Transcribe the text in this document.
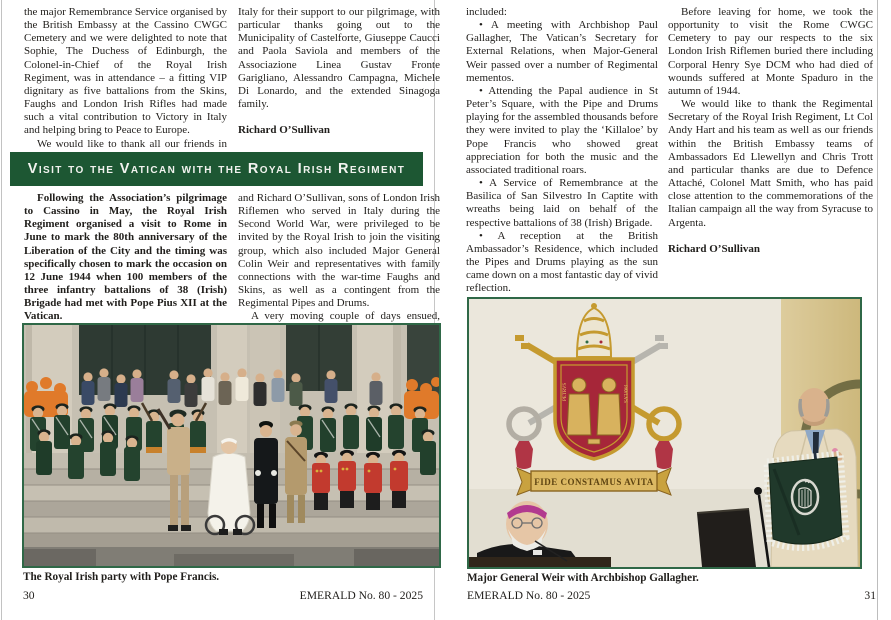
the major Remembrance Service organised by the British Embassy at the Cassino CWGC Cemetery and we were delighted to note that Sophie, The Duchess of Edinburgh, the Colonel-in-Chief of the Royal Irish Regiment, was in attendance – a fitting VIP dignitary as five battalions from the Skins, Faughs and London Irish Rifles had made such a vital contribution to Victory in Italy and helping bring to Peace to Europe.

We would like to thank all our friends in

Italy for their support to our pilgrimage, with particular thanks going out to the Municipality of Castelforte, Giuseppe Caucci and Paola Saviola and members of the Associazione Linea Gustav Fronte Garigliano, Alessandro Campagna, Michele Di Lonardo, and the extended Sinagoga family.

Richard O’Sullivan

Visit to the Vatican with the Royal Irish Regiment

Following the Association’s pilgrimage to Cassino in May, the Royal Irish Regiment organised a visit to Rome in June to mark the 80th anniversary of the Liberation of the City and the timing was specifically chosen to mark the occasion on 12 June 1944 when 100 members of the three infantry battalions of 38 (Irish) Brigade had met with Pope Pius XII at the Vatican.

and Richard O’Sullivan, sons of London Irish Riflemen who served in Italy during the Second World War, were privileged to be invited by the Royal Irish to join the visiting group, which also included Major General Colin Weir and representatives with family connections with the war-time Faughs and Skins, as well as a contingent from the Regimental Pipes and Drums.

A very moving couple of days ensued,

The Royal Irish party with Pope Francis.
30	EMERALD No. 80 - 2025

included:

• A meeting with Archbishop Paul Gallagher, The Vatican’s Secretary for External Relations, when Major-General Weir passed over a number of Regimental mementos.

• Attending the Papal audience in St Peter’s Square, with the Pipe and Drums playing for the assembled thousands before they were invited to play the ‘Killaloe’ by Pope Francis who showed great appreciation for both the music and the associated traditional roars.

• A Service of Remembrance at the Basilica of San Silvestro In Captite with wreaths being laid on behalf of the respective battalions of 38 (Irish) Brigade.

• A reception at the British Ambassador’s Residence, which included the Pipes and Drums playing as the sun came down on a most fantastic day of vivid reflection.

Before leaving for home, we took the opportunity to visit the Rome CWGC Cemetery to pay our respects to the six London Irish Riflemen buried there including Corporal Henry Sye DCM who had died of wounds suffered at Monte Spaduro in the autumn of 1944.

We would like to thank the Regimental Secretary of the Royal Irish Regiment, Lt Col Andy Hart and his team as well as our friends within the British Embassy teams of Ambassadors Ed Llewellyn and Chris Trott and particular thanks are due to Defence Attaché, Colonel Matt Smith, who has paid close attention to the commemorations of the Italian campaign all the way from Syracuse to Argenta.

Richard O’Sullivan

PETRVS	PAVLVS
FIDE CONSTAMUS AVITA
Major General Weir with Archbishop Gallagher.
EMERALD No. 80 - 2025	31
